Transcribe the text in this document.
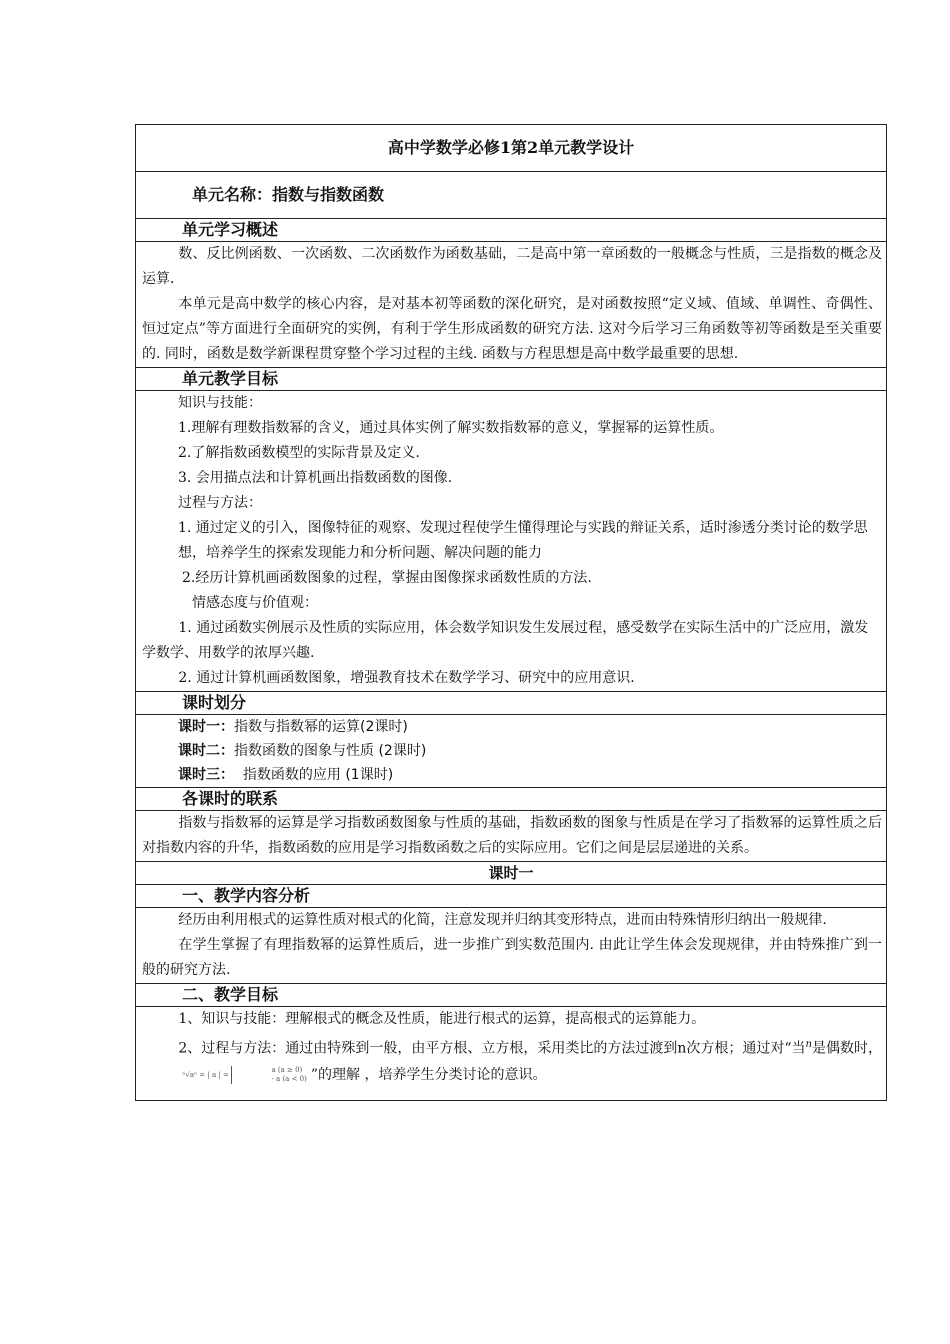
高中学数学必修1第2单元教学设计
单元名称：指数与指数函数
单元学习概述

数、反比例函数、一次函数、二次函数作为函数基础，二是高中第一章函数的一般概念与性质，三是指数的概念及运算.

本单元是高中数学的核心内容，是对基本初等函数的深化研究，是对函数按照“定义域、值域、单调性、奇偶性、恒过定点”等方面进行全面研究的实例，有利于学生形成函数的研究方法. 这对今后学习三角函数等初等函数是至关重要的. 同时，函数是数学新课程贯穿整个学习过程的主线. 函数与方程思想是高中数学最重要的思想.

单元教学目标

知识与技能：

1.理解有理数指数幂的含义，通过具体实例了解实数指数幂的意义，掌握幂的运算性质。

2.了解指数函数模型的实际背景及定义.

3. 会用描点法和计算机画出指数函数的图像.

过程与方法：

1. 通过定义的引入，图像特征的观察、发现过程使学生懂得理论与实践的辩证关系，适时渗透分类讨论的数学思想，培养学生的探索发现能力和分析问题、解决问题的能力

2.经历计算机画函数图象的过程，掌握由图像探求函数性质的方法.

情感态度与价值观：

1. 通过函数实例展示及性质的实际应用，体会数学知识发生发展过程，感受数学在实际生活中的广泛应用，激发学数学、用数学的浓厚兴趣.

2. 通过计算机画函数图象，增强教育技术在数学学习、研究中的应用意识.

课时划分

课时一：指数与指数幂的运算(2课时)

课时二：指数函数的图象与性质 (2课时)

课时三：  指数函数的应用 (1课时)

各课时的联系

指数与指数幂的运算是学习指数函数图象与性质的基础，指数函数的图象与性质是在学习了指数幂的运算性质之后对指数内容的升华，指数函数的应用是学习指数函数之后的实际应用。它们之间是层层递进的关系。

课时一
一、教学内容分析

经历由利用根式的运算性质对根式的化简，注意发现并归纳其变形特点，进而由特殊情形归纳出一般规律.

在学生掌握了有理指数幂的运算性质后，进一步推广到实数范围内. 由此让学生体会发现规律，并由特殊推广到一般的研究方法.

二、教学目标

1、知识与技能：理解根式的概念及性质，能进行根式的运算，提高根式的运算能力。

2、过程与方法：通过由特殊到一般，由平方根、立方根，采用类比的方法过渡到n次方根；通过对“当$^n$是偶数时，ⁿ√aⁿ = | a | =
a (a ≥ 0)
- a (a < 0) ”的理解 ，培养学生分类讨论的意识。
